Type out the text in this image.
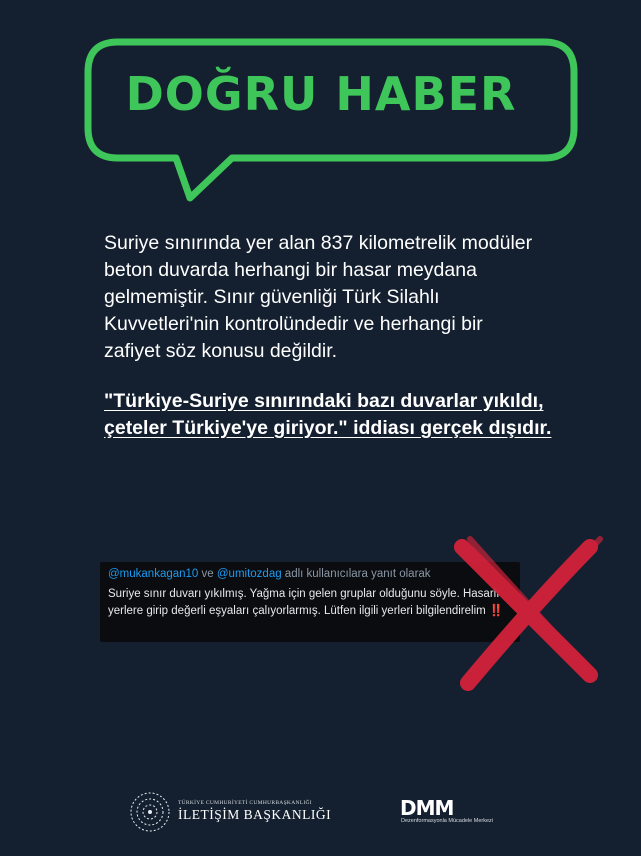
DOĞRU HABER
Suriye sınırında yer alan 837 kilometrelik modüler beton duvarda herhangi bir hasar meydana gelmemiştir. Sınır güvenliği Türk Silahlı Kuvvetleri'nin kontrolündedir ve herhangi bir zafiyet söz konusu değildir.
"Türkiye-Suriye sınırındaki bazı duvarlar yıkıldı, çeteler Türkiye'ye giriyor." iddiası gerçek dışıdır.
@mukankagan10 ve @umitozdag adlı kullanıcılara yanıt olarak
Suriye sınır duvarı yıkılmış. Yağma için gelen gruplar olduğunu söyle. Hasarlı yerlere girip değerli eşyaları çalıyorlarmış. Lütfen ilgili yerleri bilgilendirelim ‼️
TÜRKİYE CUMHURİYETİ CUMHURBAŞKANLIĞI
İLETİŞİM BAŞKANLIĞI	DMM
Dezenformasyonla Mücadele Merkezi
